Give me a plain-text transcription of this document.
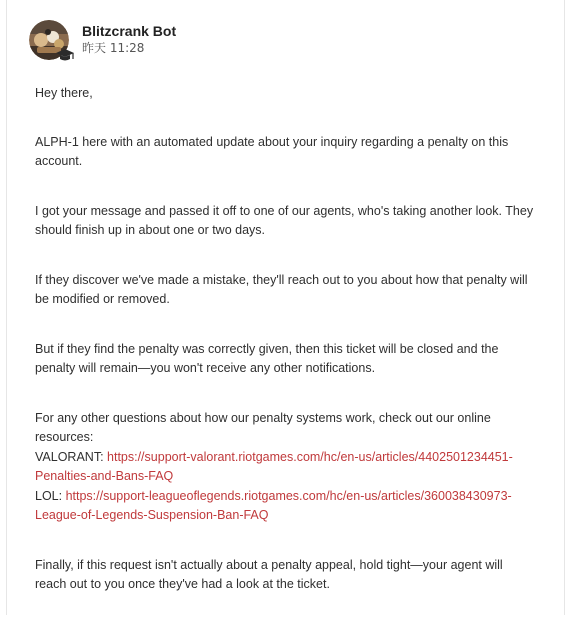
Blitzcrank Bot
昨天 11:28

Hey there,

ALPH-1 here with an automated update about your inquiry regarding a penalty on this account.

I got your message and passed it off to one of our agents, who's taking another look. They should finish up in about one or two days.

If they discover we've made a mistake, they'll reach out to you about how that penalty will be modified or removed.

But if they find the penalty was correctly given, then this ticket will be closed and the penalty will remain—you won't receive any other notifications.

For any other questions about how our penalty systems work, check out our online resources:
VALORANT: https://support-valorant.riotgames.com/hc/en-us/articles/4402501234451-Penalties-and-Bans-FAQ
LOL: https://support-leagueoflegends.riotgames.com/hc/en-us/articles/360038430973-League-of-Legends-Suspension-Ban-FAQ

Finally, if this request isn't actually about a penalty appeal, hold tight—your agent will reach out to you once they've had a look at the ticket.
